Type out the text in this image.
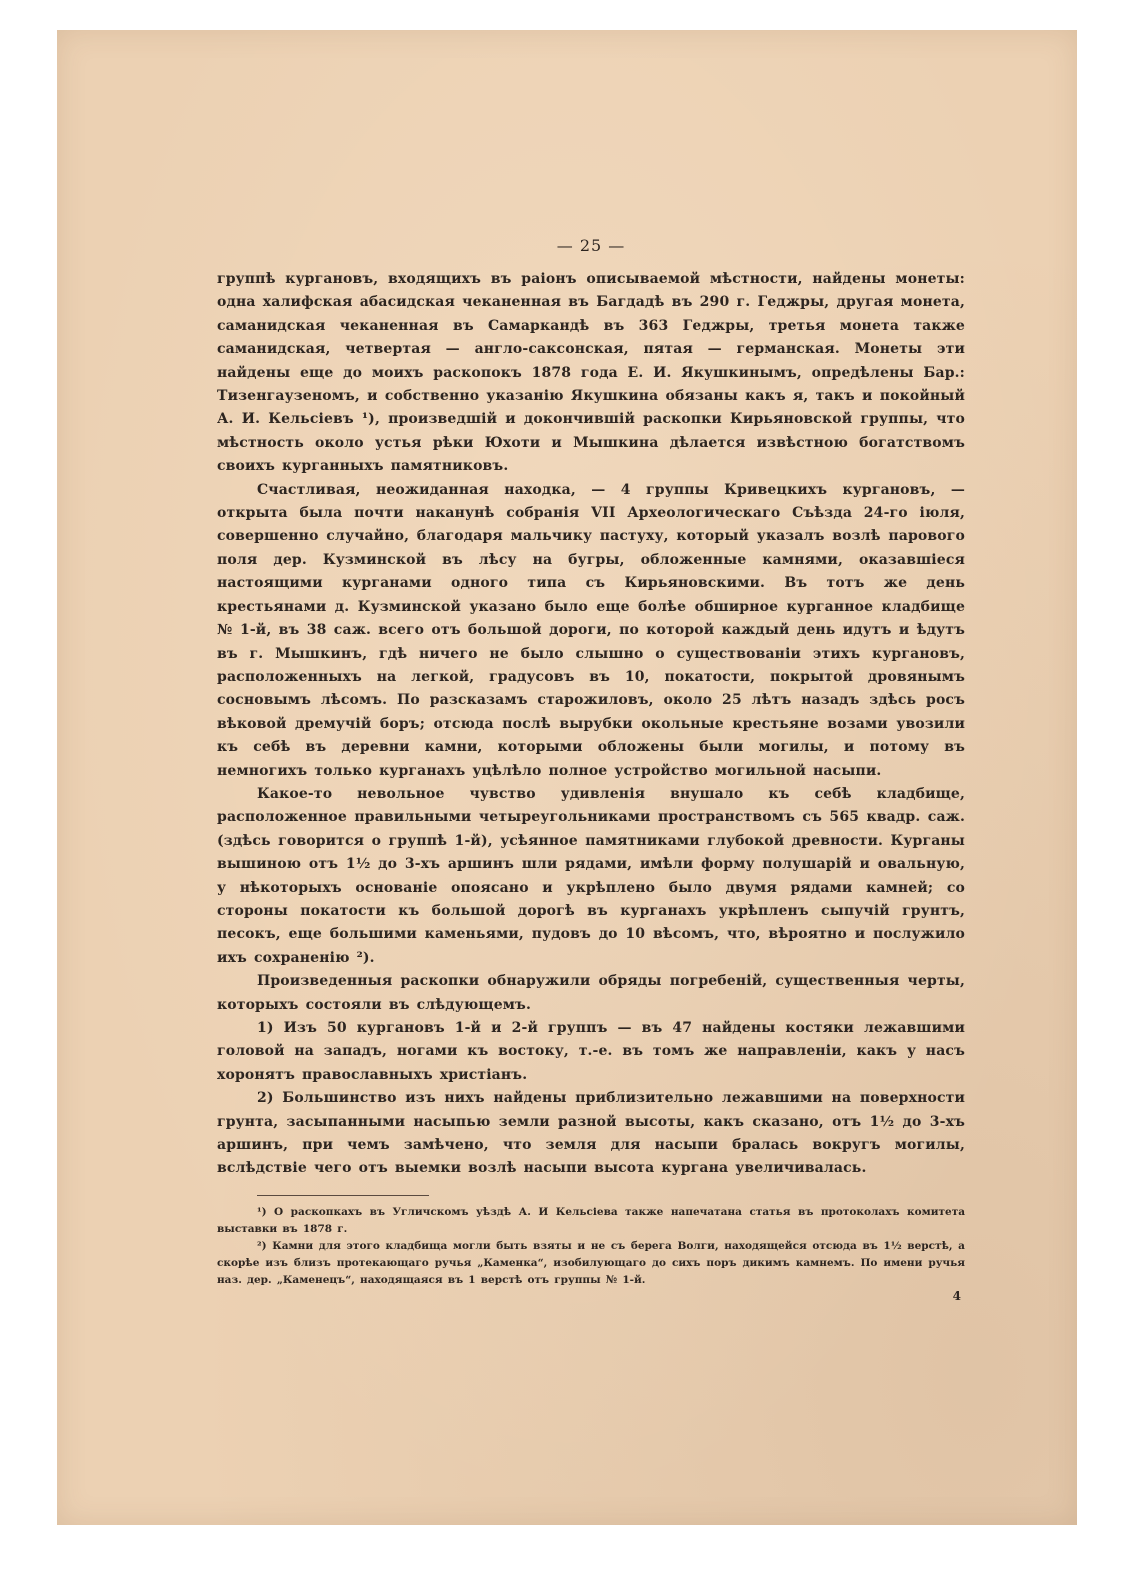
— 25 —

группѣ кургановъ, входящихъ въ раіонъ описываемой мѣстности, найдены монеты: одна халифская абасидская чеканенная въ Багдадѣ въ 290 г. Геджры, другая монета, саманидская чеканенная въ Самаркандѣ въ 363 Геджры, третья монета также саманидская, четвертая — англо-саксонская, пятая — германская. Монеты эти найдены еще до моихъ раскопокъ 1878 года Е. И. Якушкинымъ, опредѣлены Бар.: Тизенгаузеномъ, и собственно указанію Якушкина обязаны какъ я, такъ и покойный А. И. Кельсіевъ ¹), произведшій и докончившій раскопки Кирьяновской группы, что мѣстность около устья рѣки Юхоти и Мышкина дѣлается извѣстною богатствомъ своихъ курганныхъ памятниковъ.

Счастливая, неожиданная находка, — 4 группы Кривецкихъ кургановъ, — открыта была почти наканунѣ собранія VII Археологическаго Съѣзда 24-го іюля, совершенно случайно, благодаря мальчику пастуху, который указалъ возлѣ парового поля дер. Кузминской въ лѣсу на бугры, обложенные камнями, оказавшіеся настоящими курганами одного типа съ Кирьяновскими. Въ тотъ же день крестьянами д. Кузминской указано было еще болѣе обширное курганное кладбище № 1-й, въ 38 саж. всего отъ большой дороги, по которой каждый день идутъ и ѣдутъ въ г. Мышкинъ, гдѣ ничего не было слышно о существованіи этихъ кургановъ, расположенныхъ на легкой, градусовъ въ 10, покатости, покрытой дровянымъ сосновымъ лѣсомъ. По разсказамъ старожиловъ, около 25 лѣтъ назадъ здѣсь росъ вѣковой дремучій боръ; отсюда послѣ вырубки окольные крестьяне возами увозили къ себѣ въ деревни камни, которыми обложены были могилы, и потому въ немногихъ только курганахъ уцѣлѣло полное устройство могильной насыпи.

Какое-то невольное чувство удивленія внушало къ себѣ кладбище, расположенное правильными четыреугольниками пространствомъ съ 565 квадр. саж. (здѣсь говорится о группѣ 1-й), усѣянное памятниками глубокой древности. Курганы вышиною отъ 1½ до 3-хъ аршинъ шли рядами, имѣли форму полушарій и овальную, у нѣкоторыхъ основаніе опоясано и укрѣплено было двумя рядами камней; со стороны покатости къ большой дорогѣ въ курганахъ укрѣпленъ сыпучій грунтъ, песокъ, еще большими каменьями, пудовъ до 10 вѣсомъ, что, вѣроятно и послужило ихъ сохраненію ²).

Произведенныя раскопки обнаружили обряды погребеній, существенныя черты, которыхъ состояли въ слѣдующемъ.

1) Изъ 50 кургановъ 1-й и 2-й группъ — въ 47 найдены костяки лежавшими головой на западъ, ногами къ востоку, т.-е. въ томъ же направленіи, какъ у насъ хоронятъ православныхъ христіанъ.

2) Большинство изъ нихъ найдены приблизительно лежавшими на поверхности грунта, засыпанными насыпью земли разной высоты, какъ сказано, отъ 1½ до 3-хъ аршинъ, при чемъ замѣчено, что земля для насыпи бралась вокругъ могилы, вслѣдствіе чего отъ выемки возлѣ насыпи высота кургана увеличивалась.

¹) О раскопкахъ въ Угличскомъ уѣздѣ А. И Кельсіева также напечатана статья въ протоколахъ комитета выставки въ 1878 г.

²) Камни для этого кладбища могли быть взяты и не съ берега Волги, находящейся отсюда въ 1½ верстѣ, а скорѣе изъ близъ протекающаго ручья „Каменка“, изобилующаго до сихъ поръ дикимъ камнемъ. По имени ручья наз. дер. „Каменецъ“, находящаяся въ 1 верстѣ отъ группы № 1-й.

4
